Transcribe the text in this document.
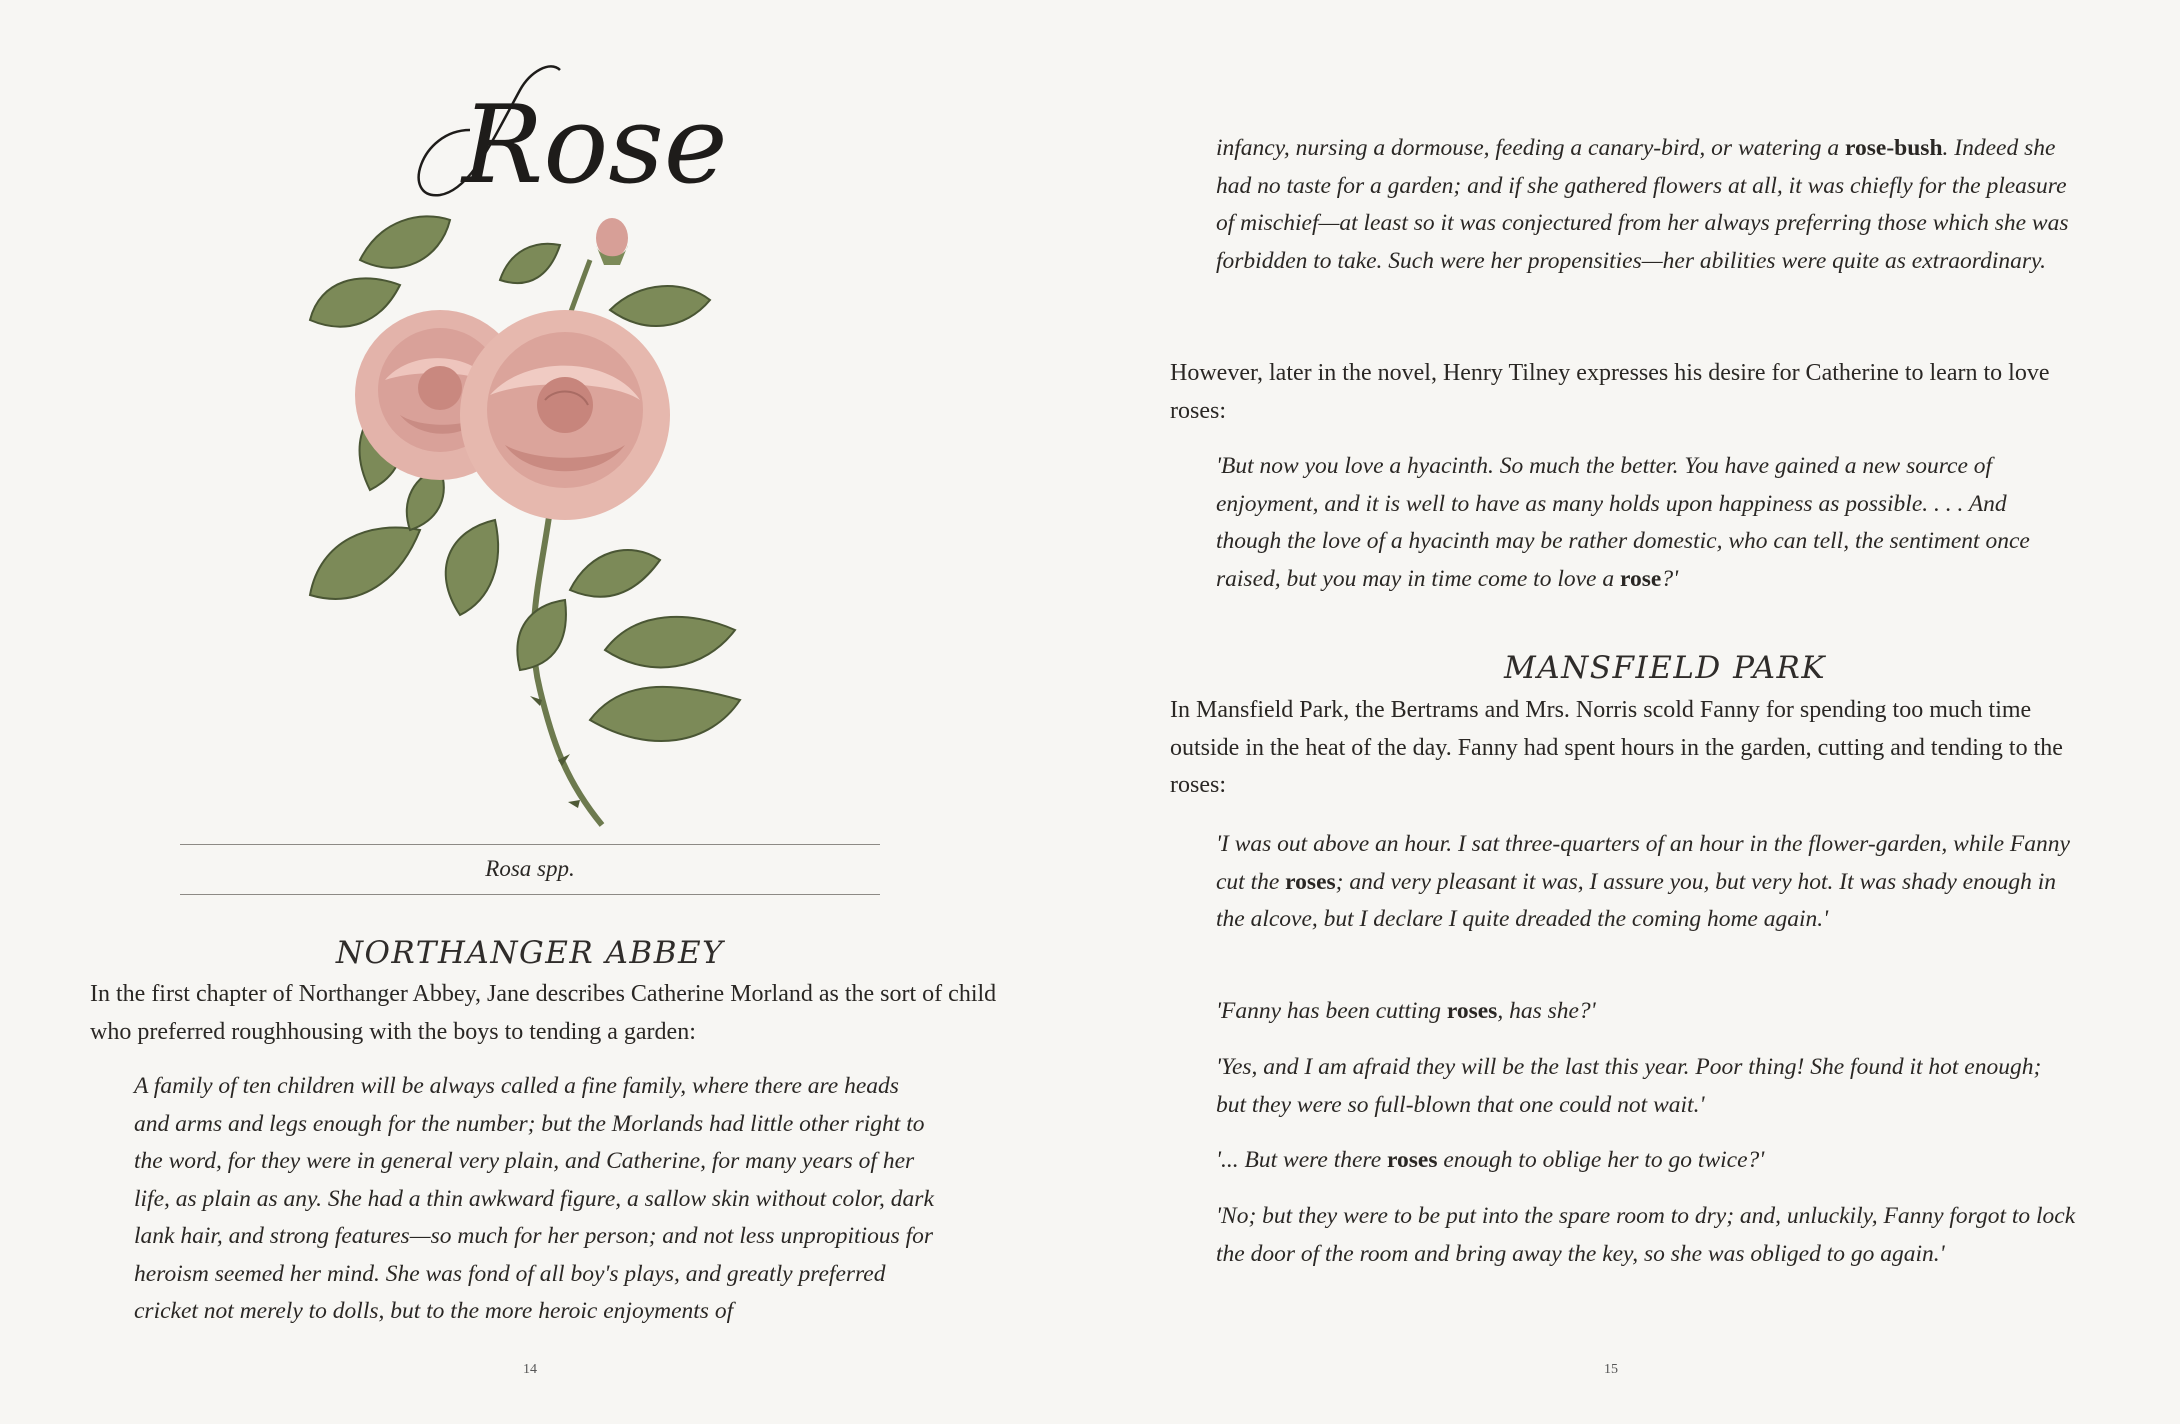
Rose
Rosa spp.
NORTHANGER ABBEY

In the first chapter of Northanger Abbey, Jane describes Catherine Morland as the sort of child who preferred roughhousing with the boys to tending a garden:

A family of ten children will be always called a fine family, where there are heads and arms and legs enough for the number; but the Morlands had little other right to the word, for they were in general very plain, and Catherine, for many years of her life, as plain as any. She had a thin awkward figure, a sallow skin without color, dark lank hair, and strong features—so much for her person; and not less unpropitious for heroism seemed her mind. She was fond of all boy's plays, and greatly preferred cricket not merely to dolls, but to the more heroic enjoyments of

14

infancy, nursing a dormouse, feeding a canary-bird, or watering a rose-bush. Indeed she had no taste for a garden; and if she gathered flowers at all, it was chiefly for the pleasure of mischief—at least so it was conjectured from her always preferring those which she was forbidden to take. Such were her propensities—her abilities were quite as extraordinary.

However, later in the novel, Henry Tilney expresses his desire for Catherine to learn to love roses:

'But now you love a hyacinth. So much the better. You have gained a new source of enjoyment, and it is well to have as many holds upon happiness as possible. . . . And though the love of a hyacinth may be rather domestic, who can tell, the sentiment once raised, but you may in time come to love a rose?'

MANSFIELD PARK

In Mansfield Park, the Bertrams and Mrs. Norris scold Fanny for spending too much time outside in the heat of the day. Fanny had spent hours in the garden, cutting and tending to the roses:

'I was out above an hour. I sat three-quarters of an hour in the flower-garden, while Fanny cut the roses; and very pleasant it was, I assure you, but very hot. It was shady enough in the alcove, but I declare I quite dreaded the coming home again.'

'Fanny has been cutting roses, has she?'

'Yes, and I am afraid they will be the last this year. Poor thing! She found it hot enough; but they were so full-blown that one could not wait.'

'... But were there roses enough to oblige her to go twice?'

'No; but they were to be put into the spare room to dry; and, unluckily, Fanny forgot to lock the door of the room and bring away the key, so she was obliged to go again.'

15
